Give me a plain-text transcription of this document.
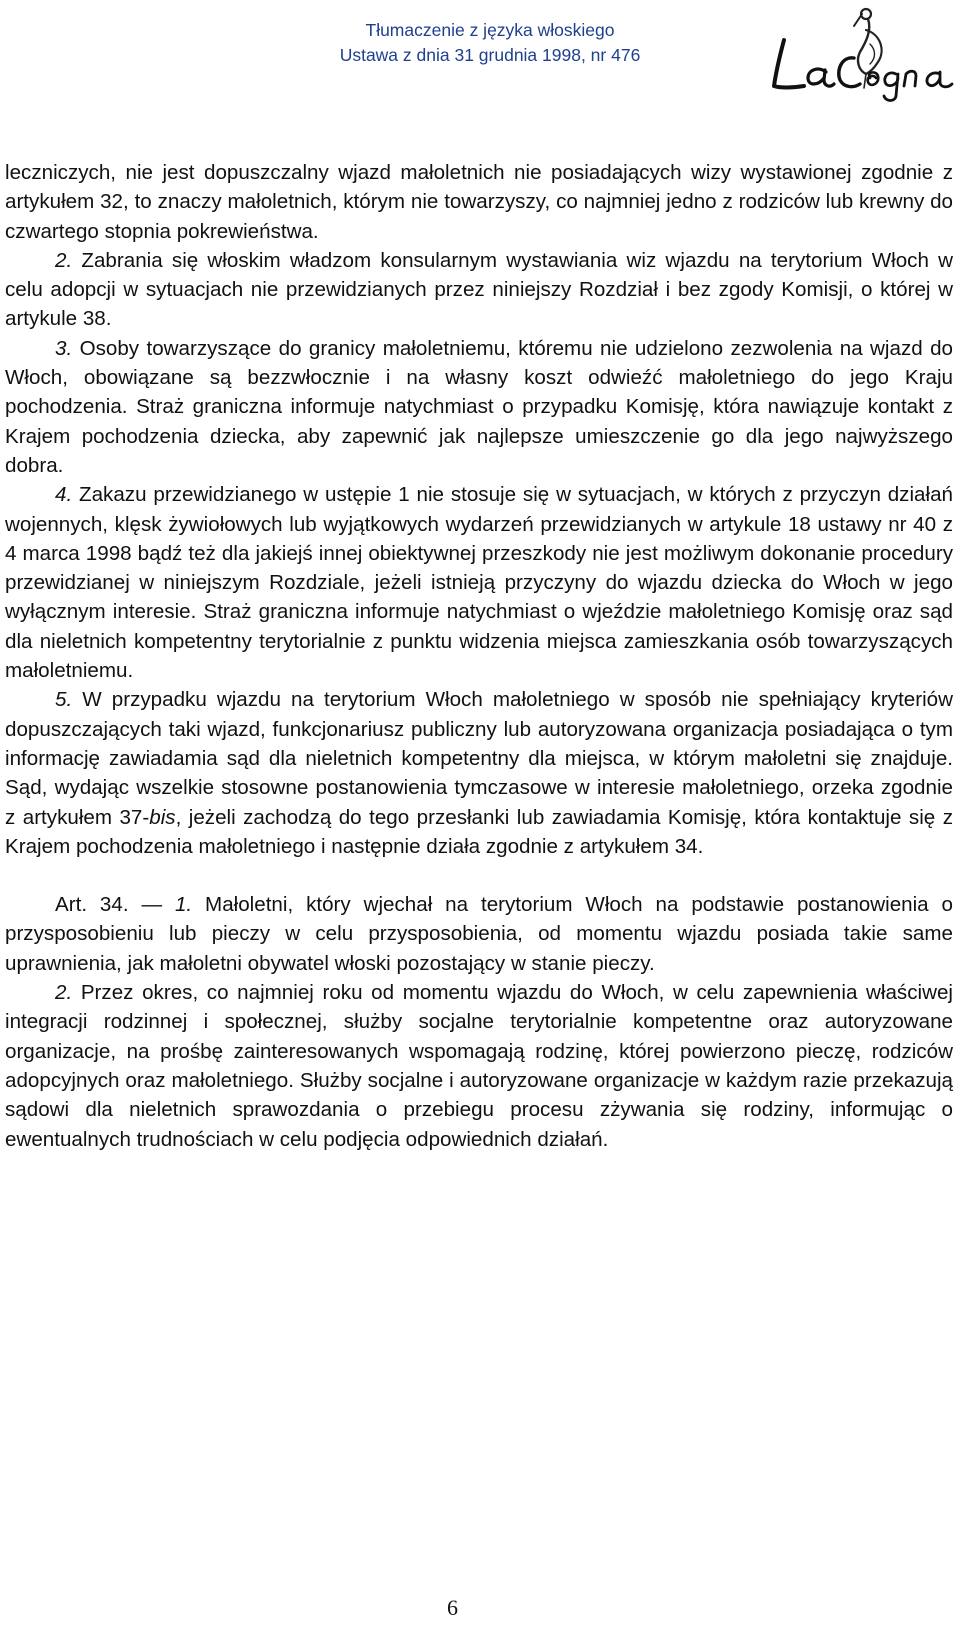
Tłumaczenie z języka włoskiego
Ustawa z dnia 31 grudnia 1998, nr 476

leczniczych, nie jest dopuszczalny wjazd małoletnich nie posiadających wizy wystawionej zgodnie z artykułem 32, to znaczy małoletnich, którym nie towarzyszy, co najmniej jedno z rodziców lub krewny do czwartego stopnia pokrewieństwa.

2. Zabrania się włoskim władzom konsularnym wystawiania wiz wjazdu na terytorium Włoch w celu adopcji w sytuacjach nie przewidzianych przez niniejszy Rozdział i bez zgody Komisji, o której w artykule 38.

3. Osoby towarzyszące do granicy małoletniemu, któremu nie udzielono zezwolenia na wjazd do Włoch, obowiązane są bezzwłocznie i na własny koszt odwieźć małoletniego do jego Kraju pochodzenia. Straż graniczna informuje natychmiast o przypadku Komisję, która nawiązuje kontakt z Krajem pochodzenia dziecka, aby zapewnić jak najlepsze umieszczenie go dla jego najwyższego dobra.

4. Zakazu przewidzianego w ustępie 1 nie stosuje się w sytuacjach, w których z przyczyn działań wojennych, klęsk żywiołowych lub wyjątkowych wydarzeń przewidzianych w artykule 18 ustawy nr 40 z 4 marca 1998 bądź też dla jakiejś innej obiektywnej przeszkody nie jest możliwym dokonanie procedury przewidzianej w niniejszym Rozdziale, jeżeli istnieją przyczyny do wjazdu dziecka do Włoch w jego wyłącznym interesie. Straż graniczna informuje natychmiast o wjeździe małoletniego Komisję oraz sąd dla nieletnich kompetentny terytorialnie z punktu widzenia miejsca zamieszkania osób towarzyszących małoletniemu.

5. W przypadku wjazdu na terytorium Włoch małoletniego w sposób nie spełniający kryteriów dopuszczających taki wjazd, funkcjonariusz publiczny lub autoryzowana organizacja posiadająca o tym informację zawiadamia sąd dla nieletnich kompetentny dla miejsca, w którym małoletni się znajduje. Sąd, wydając wszelkie stosowne postanowienia tymczasowe w interesie małoletniego, orzeka zgodnie z artykułem 37-bis, jeżeli zachodzą do tego przesłanki lub zawiadamia Komisję, która kontaktuje się z Krajem pochodzenia małoletniego i następnie działa zgodnie z artykułem 34.

Art. 34. — 1. Małoletni, który wjechał na terytorium Włoch na podstawie postanowienia o przysposobieniu lub pieczy w celu przysposobienia, od momentu wjazdu posiada takie same uprawnienia, jak małoletni obywatel włoski pozostający w stanie pieczy.

2. Przez okres, co najmniej roku od momentu wjazdu do Włoch, w celu zapewnienia właściwej integracji rodzinnej i społecznej, służby socjalne terytorialnie kompetentne oraz autoryzowane organizacje, na prośbę zainteresowanych wspomagają rodzinę, której powierzono pieczę, rodziców adopcyjnych oraz małoletniego. Służby socjalne i autoryzowane organizacje w każdym razie przekazują sądowi dla nieletnich sprawozdania o przebiegu procesu zżywania się rodziny, informując o ewentualnych trudnościach w celu podjęcia odpowiednich działań.

6
